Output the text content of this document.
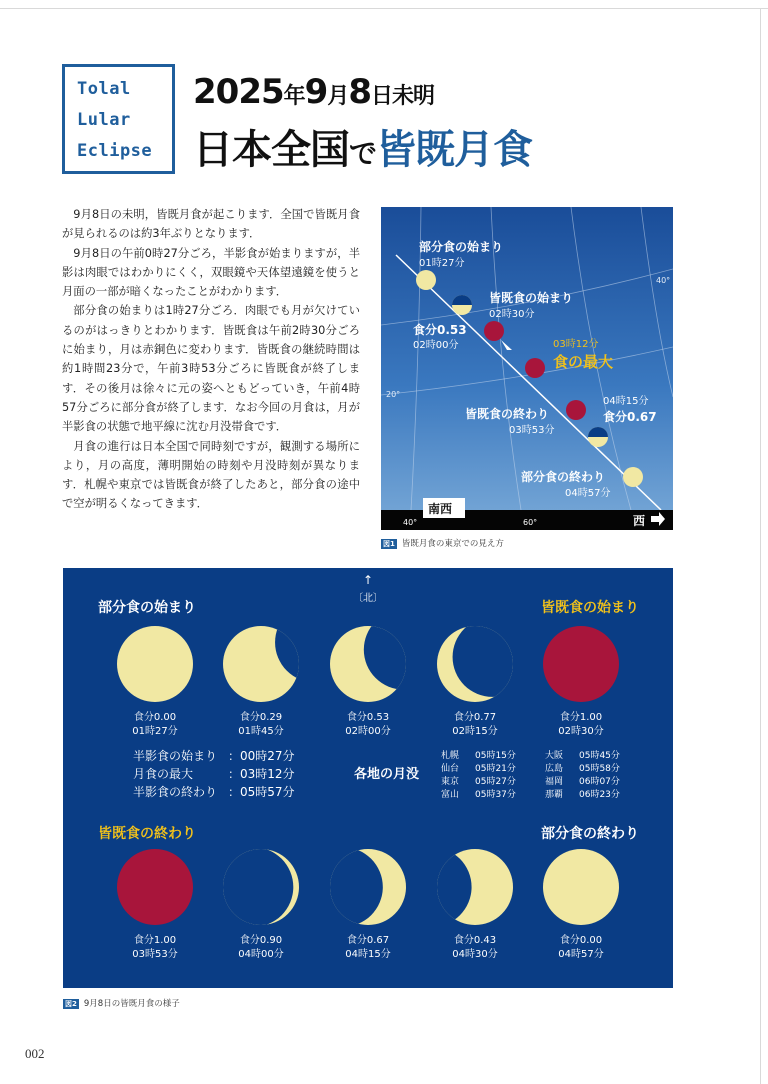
Tolal
Lular
Eclipse
2025年9月8日未明
日本全国で皆既月食

9月8日の未明，皆既月食が起こります．全国で皆既月食が見られるのは約3年ぶりとなります．

9月8日の午前0時27分ごろ，半影食が始まりますが，半影は肉眼ではわかりにくく，双眼鏡や天体望遠鏡を使うと月面の一部が暗くなったことがわかります．

部分食の始まりは1時27分ごろ．肉眼でも月が欠けているのがはっきりとわかります．皆既食は午前2時30分ごろに始まり，月は赤銅色に変わります．皆既食の継続時間は約1時間23分で，午前3時53分ごろに皆既食が終了します．その後月は徐々に元の姿へともどっていき，午前4時57分ごろに部分食が終了します．なお今回の月食は，月が半影食の状態で地平線に沈む月没帯食です．

月食の進行は日本全国で同時刻ですが，観測する場所により，月の高度，薄明開始の時刻や月没時刻が異なります．札幌や東京では皆既食が終了したあと，部分食の途中で空が明るくなってきます．

40°
20°
部分食の始まり
01時27分
皆既食の始まり
02時30分
食分0.53
02時00分	03時12分
食の最大
皆既食の終わり
03時53分
04時15分
食分0.67
部分食の終わり
04時57分
南西
40°	60°	西
図1 皆既月食の東京での見え方
↑
〔北〕
部分食の始まり	皆既食の始まり
皆既食の終わり	部分食の終わり
食分0.00
01時27分
食分0.29
01時45分
食分0.53
02時00分
食分0.77
02時15分
食分1.00
02時30分
食分1.00
03時53分
食分0.90
04時00分
食分0.67
04時15分
食分0.43
04時30分
食分0.00
04時57分
半影食の始まり ：00時27分
月食の最大	：03時12分
半影食の終わり ：05時57分
各地の月没
札幌 05時15分
仙台 05時21分
東京 05時27分
富山 05時37分
大阪 05時45分
広島 05時58分
福岡 06時07分
那覇 06時23分
図2 9月8日の皆既月食の様子
002
